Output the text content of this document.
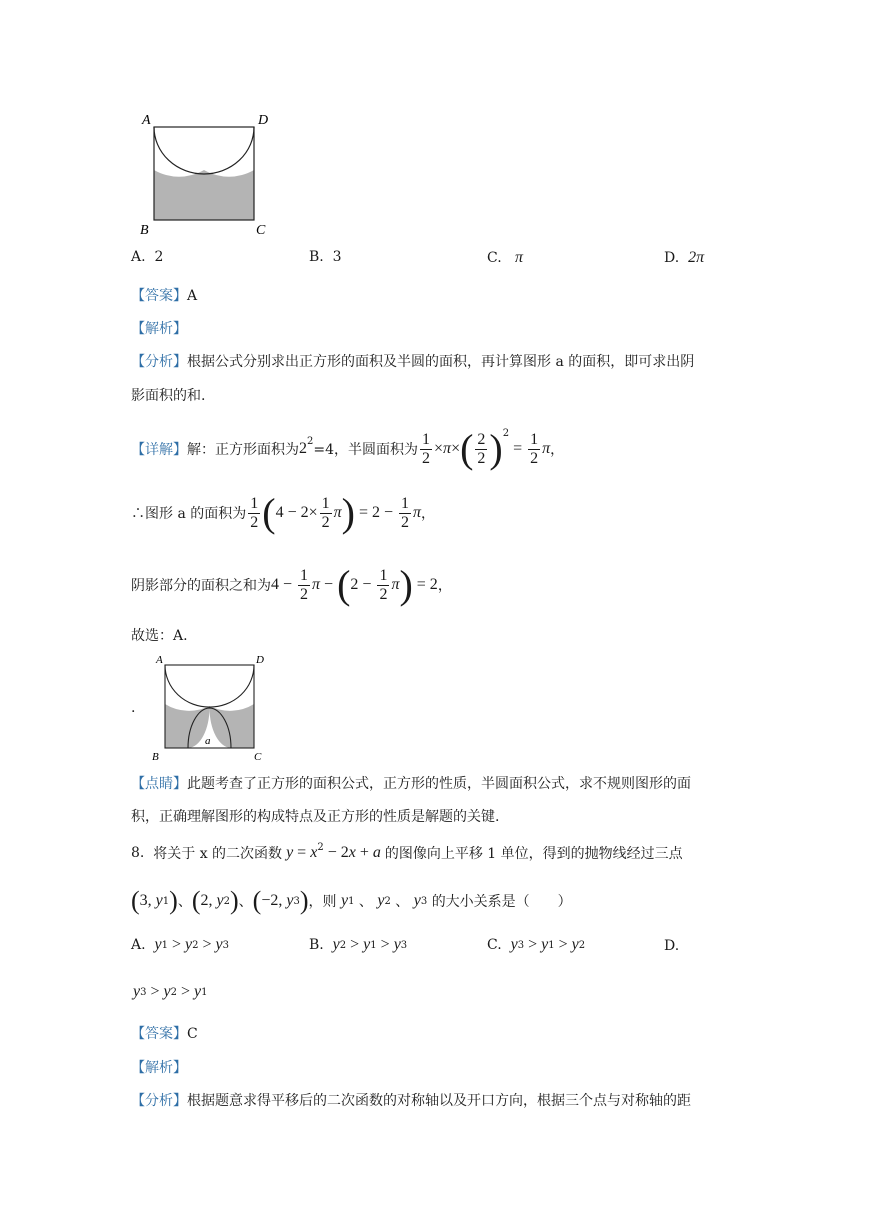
A	D
B	C
A. 2	B. 3	C. π	D. 2π
【答案】A
【解析】
【分析】根据公式分别求出正方形的面积及半圆的面积，再计算图形 a 的面积，即可求出阴
影面积的和.
【详解】 解：正方形面积为 $2^2$
=4，半圆面积为 $\frac{1}{2} \times \pi$ × ( $\frac{2}{2} )^2$
= $\frac{1}{2}$ π ，
∴图形 a 的面积为 $\frac{1}{2}$ ( $4 - 2\times \frac{1}{2}$ π ) = $2 - \frac{1}{2}$ π ，
阴影部分的面积之和为 $4 - \frac{1}{2}$ π − ( $2 - \frac{1}{2}$ π ) = 2 ，
故选：A.
.
A	D
B	C
a
【点睛】此题考查了正方形的面积公式，正方形的性质，半圆面积公式，求不规则图形的面
积，正确理解图形的构成特点及正方形的性质是解题的关键.
8.
将关于 x 的二次函数 $y = x^2 - 2$ x + a 的图像向上平移 1 单位，得到的抛物线经过三点
( 3, y 1 ) 、 ( 2, y 2 ) 、 ( −2, y 3 ) ，则
y 1
、
y 2
、
y 3
的大小关系是（　　）
A.
y 1 > y 2 > y 3	B.
y 2 > y 1 > y 3	C.
y 3 > y 1 > y 2	D.
y 3 > y 2 > y 1
【答案】C
【解析】
【分析】根据题意求得平移后的二次函数的对称轴以及开口方向，根据三个点与对称轴的距
